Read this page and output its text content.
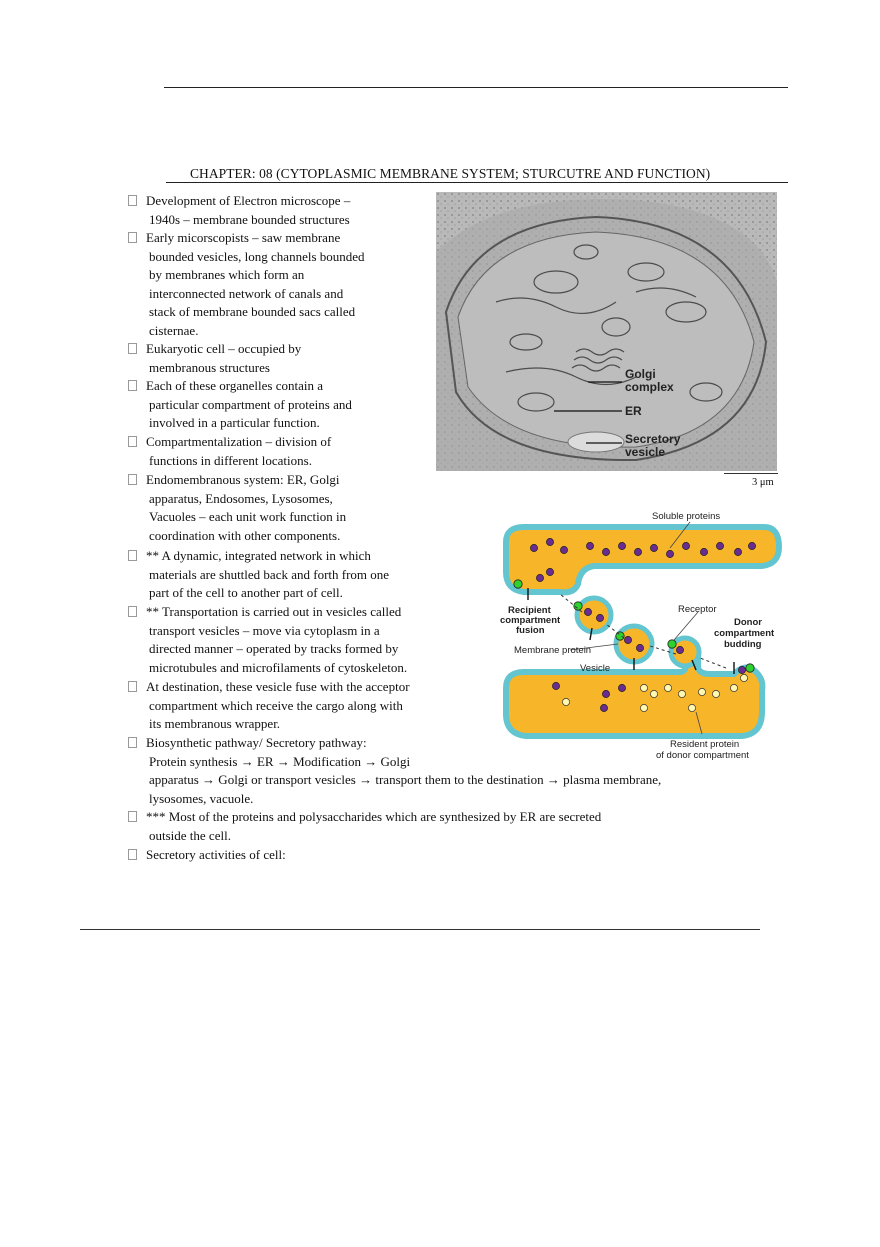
CHAPTER: 08 (CYTOPLASMIC MEMBRANE SYSTEM; STURCUTRE AND FUNCTION)
Development of Electron microscope –
1940s – membrane bounded structures
Early micorscopists – saw membrane
bounded vesicles, long channels bounded
by membranes which form an
interconnected network of canals and
stack of membrane bounded sacs called
cisternae.
Eukaryotic cell – occupied by
membranous structures
Each of these organelles contain a
particular compartment of proteins and
involved in a particular function.
Compartmentalization – division of
functions in different locations.
Endomembranous system: ER, Golgi
apparatus, Endosomes, Lysosomes,
Vacuoles – each unit work function in
coordination with other components.
** A dynamic, integrated network in which
materials are shuttled back and forth from one
part of the cell to another part of cell.
** Transportation is carried out in vesicles called
transport vesicles – move via cytoplasm in a
directed manner – operated by tracks formed by
microtubules and microfilaments of cytoskeleton.
At destination, these vesicle fuse with the acceptor
compartment which receive the cargo along with
its membranous wrapper.
Biosynthetic pathway/ Secretory pathway:
Protein synthesis → ER → Modification → Golgi
apparatus → Golgi or transport vesicles → transport them to the destination → plasma membrane,
lysosomes, vacuole.
*** Most of the proteins and polysaccharides which are synthesized by ER are secreted
outside the cell.
Secretory activities of cell:
Golgi
complex
ER
Secretory
vesicle
3 μm
Soluble proteins
Recipient
compartment
fusion
Receptor
Donor
compartment
budding
Membrane protein
Vesicle
Resident protein
of donor compartment
